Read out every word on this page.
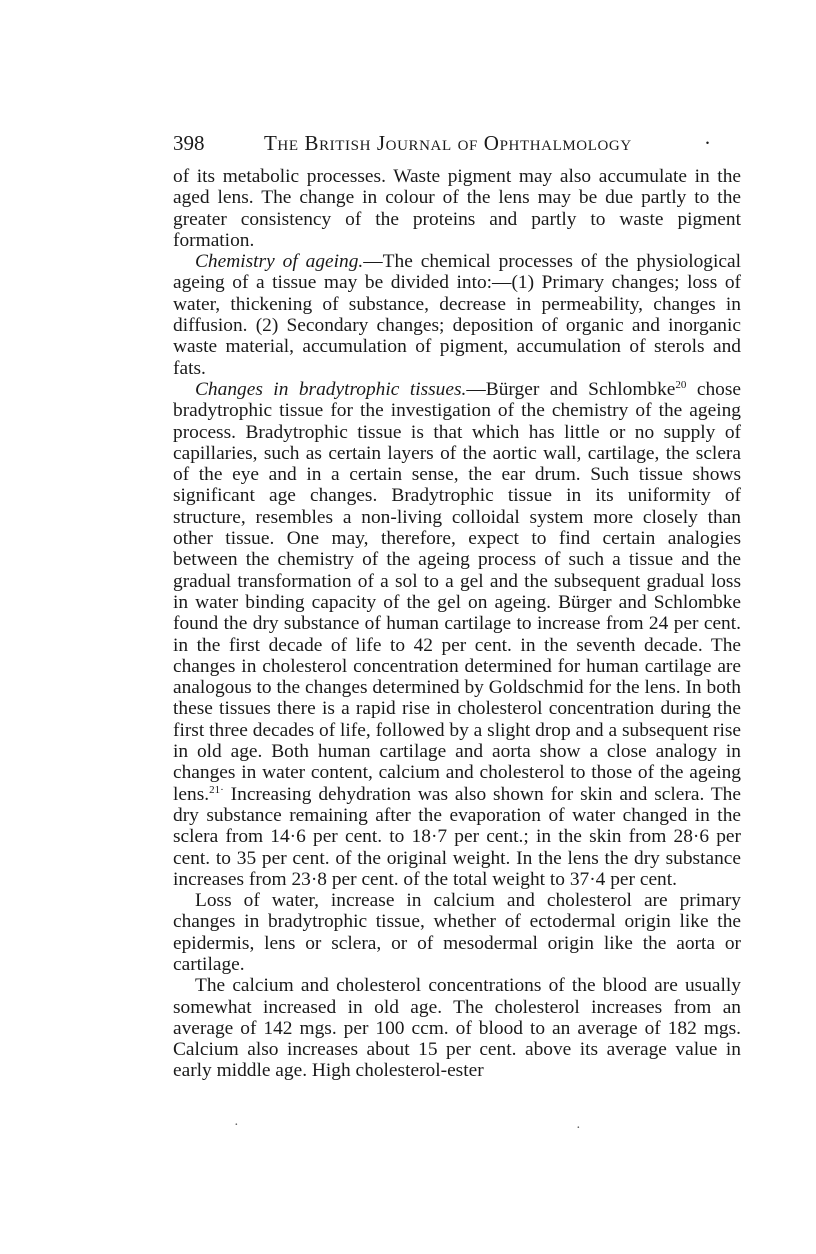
398	The British Journal of Ophthalmology	·

of its metabolic processes. Waste pigment may also accumulate in the aged lens. The change in colour of the lens may be due partly to the greater consistency of the proteins and partly to waste pigment formation.

Chemistry of ageing.—The chemical processes of the physiological ageing of a tissue may be divided into:—(1) Primary changes; loss of water, thickening of substance, decrease in permeability, changes in diffusion. (2) Secondary changes; deposition of organic and inorganic waste material, accumulation of pigment, accumulation of sterols and fats.

Changes in bradytrophic tissues.—Bürger and Schlombke$^{20}$ chose bradytrophic tissue for the investigation of the chemistry of the ageing process. Bradytrophic tissue is that which has little or no supply of capillaries, such as certain layers of the aortic wall, cartilage, the sclera of the eye and in a certain sense, the ear drum. Such tissue shows significant age changes. Bradytrophic tissue in its uniformity of structure, resembles a non-living colloidal system more closely than other tissue. One may, therefore, expect to find certain analogies between the chemistry of the ageing process of such a tissue and the gradual transformation of a sol to a gel and the subsequent gradual loss in water binding capacity of the gel on ageing. Bürger and Schlombke found the dry substance of human cartilage to increase from 24 per cent. in the first decade of life to 42 per cent. in the seventh decade. The changes in cholesterol concentration determined for human cartilage are analogous to the changes determined by Goldschmid for the lens. In both these tissues there is a rapid rise in cholesterol concentration during the first three decades of life, followed by a slight drop and a subsequent rise in old age. Both human cartilage and aorta show a close analogy in changes in water content, calcium and cholesterol to those of the ageing lens.$^{21\cdot}$ Increasing dehydration was also shown for skin and sclera. The dry substance remaining after the evaporation of water changed in the sclera from 14·6 per cent. to 18·7 per cent.; in the skin from 28·6 per cent. to 35 per cent. of the original weight. In the lens the dry substance increases from 23·8 per cent. of the total weight to 37·4 per cent.

Loss of water, increase in calcium and cholesterol are primary changes in bradytrophic tissue, whether of ectodermal origin like the epidermis, lens or sclera, or of mesodermal origin like the aorta or cartilage.

The calcium and cholesterol concentrations of the blood are usually somewhat increased in old age. The cholesterol increases from an average of 142 mgs. per 100 ccm. of blood to an average of 182 mgs. Calcium also increases about 15 per cent. above its average value in early middle age. High cholesterol-ester

·	·
